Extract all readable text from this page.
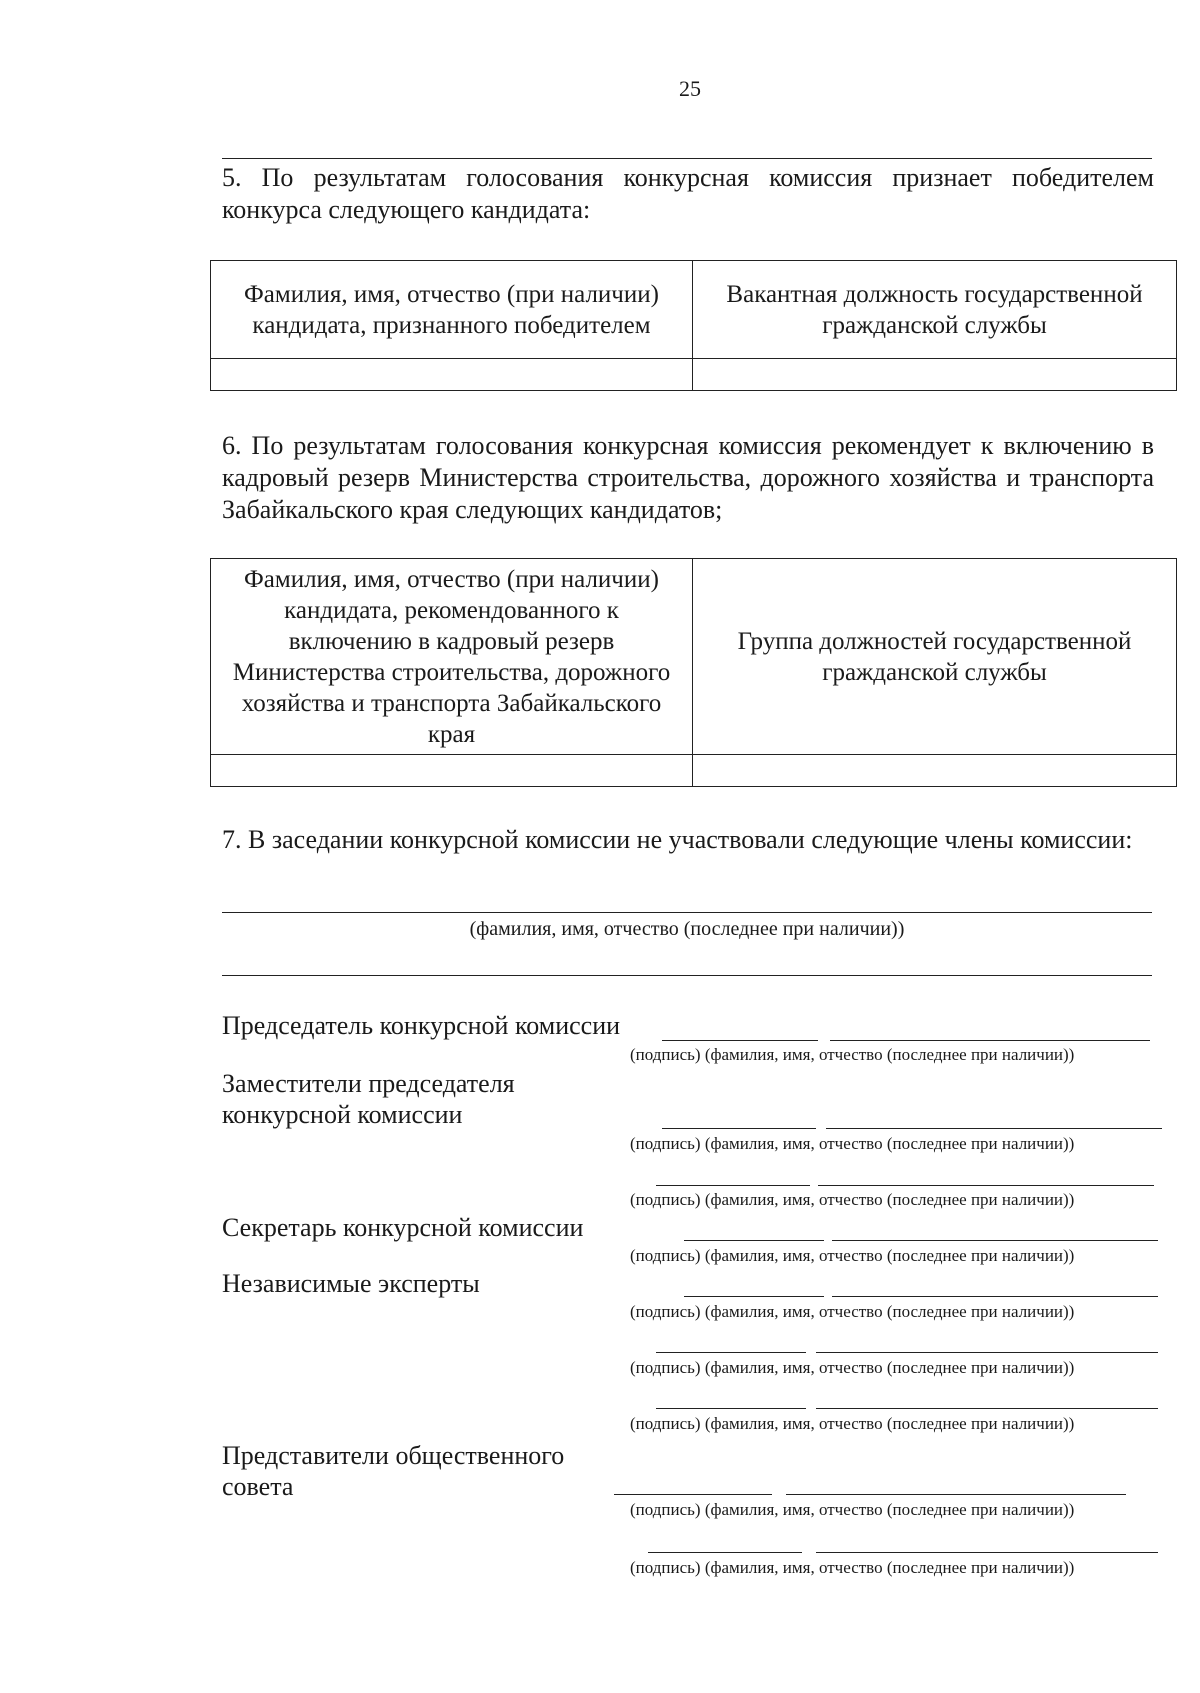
25
5. По результатам голосования конкурсная комиссия признает победителем конкурса следующего кандидата:
Фамилия, имя, отчество (при наличии) кандидата, признанного победителем	Вакантная должность государственной гражданской службы

6. По результатам голосования конкурсная комиссия рекомендует к включению в кадровый резерв Министерства строительства, дорожного хозяйства и транспорта Забайкальского края следующих кандидатов;
Фамилия, имя, отчество (при наличии) кандидата, рекомендованного к включению в кадровый резерв Министерства строительства, дорожного хозяйства и транспорта Забайкальского края	Группа должностей государственной гражданской службы

7. В заседании конкурсной комиссии не участвовали следующие члены комиссии:
(фамилия, имя, отчество (последнее при наличии))
Председатель конкурсной комиссии
(подпись) (фамилия, имя, отчество (последнее при наличии))
Заместители председателя конкурсной комиссии
(подпись) (фамилия, имя, отчество (последнее при наличии))
(подпись) (фамилия, имя, отчество (последнее при наличии))
Секретарь конкурсной комиссии
(подпись) (фамилия, имя, отчество (последнее при наличии))
Независимые эксперты
(подпись) (фамилия, имя, отчество (последнее при наличии))
(подпись) (фамилия, имя, отчество (последнее при наличии))
(подпись) (фамилия, имя, отчество (последнее при наличии))
Представители общественного совета
(подпись) (фамилия, имя, отчество (последнее при наличии))
(подпись) (фамилия, имя, отчество (последнее при наличии))
